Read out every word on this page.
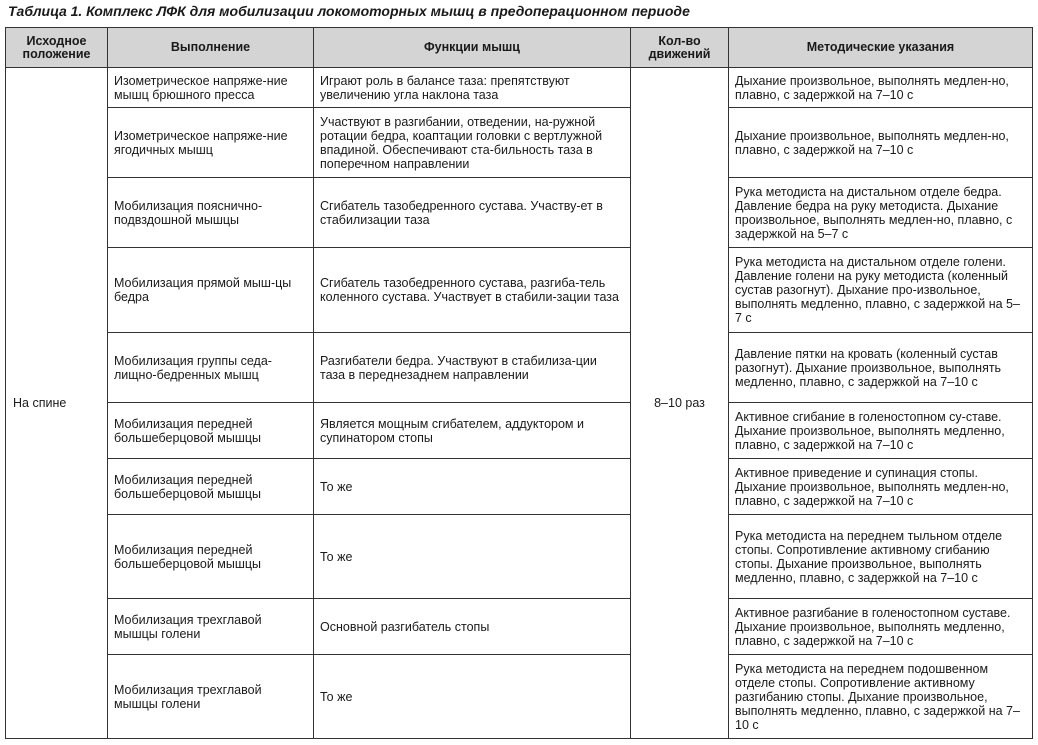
Таблица 1. Комплекс ЛФК для мобилизации локомоторных мышц в предоперационном периоде
Исходное положение	Выполнение	Функции мышц	Кол-во движений	Методические указания
На спине	Изометрическое напряже-ние мышц брюшного пресса	Играют роль в балансе таза: препятствуют увеличению угла наклона таза	8–10 раз	Дыхание произвольное, выполнять медлен-но, плавно, с задержкой на 7–10 с
	Изометрическое напряже-ние ягодичных мышц	Участвуют в разгибании, отведении, на-ружной ротации бедра, коаптации головки с вертлужной впадиной. Обеспечивают ста-бильность таза в поперечном направлении		Дыхание произвольное, выполнять медлен-но, плавно, с задержкой на 7–10 с
	Мобилизация пояснично-подвздошной мышцы	Сгибатель тазобедренного сустава. Участву-ет в стабилизации таза		Рука методиста на дистальном отделе бедра. Давление бедра на руку методиста. Дыхание произвольное, выполнять медлен-но, плавно, с задержкой на 5–7 с
	Мобилизация прямой мыш-цы бедра	Сгибатель тазобедренного сустава, разгиба-тель коленного сустава. Участвует в стабили-зации таза		Рука методиста на дистальном отделе голени. Давление голени на руку методиста (коленный сустав разогнут). Дыхание про-извольное, выполнять медленно, плавно, с задержкой на 5–7 с
	Мобилизация группы седа-лищно-бедренных мышц	Разгибатели бедра. Участвуют в стабилиза-ции таза в переднезаднем направлении		Давление пятки на кровать (коленный сустав разогнут). Дыхание произвольное, выполнять медленно, плавно, с задержкой на 7–10 с
	Мобилизация передней большеберцовой мышцы	Является мощным сгибателем, аддуктором и супинатором стопы		Активное сгибание в голеностопном су-ставе. Дыхание произвольное, выполнять медленно, плавно, с задержкой на 7–10 с
	Мобилизация передней большеберцовой мышцы	То же		Активное приведение и супинация стопы. Дыхание произвольное, выполнять медлен-но, плавно, с задержкой на 7–10 с
	Мобилизация передней большеберцовой мышцы	То же		Рука методиста на переднем тыльном отделе стопы. Сопротивление активному сгибанию стопы. Дыхание произвольное, выполнять медленно, плавно, с задержкой на 7–10 с
	Мобилизация трехглавой мышцы голени	Основной разгибатель стопы		Активное разгибание в голеностопном суставе. Дыхание произвольное, выполнять медленно, плавно, с задержкой на 7–10 с
	Мобилизация трехглавой мышцы голени	То же		Рука методиста на переднем подошвенном отделе стопы. Сопротивление активному разгибанию стопы. Дыхание произвольное, выполнять медленно, плавно, с задержкой на 7–10 с
